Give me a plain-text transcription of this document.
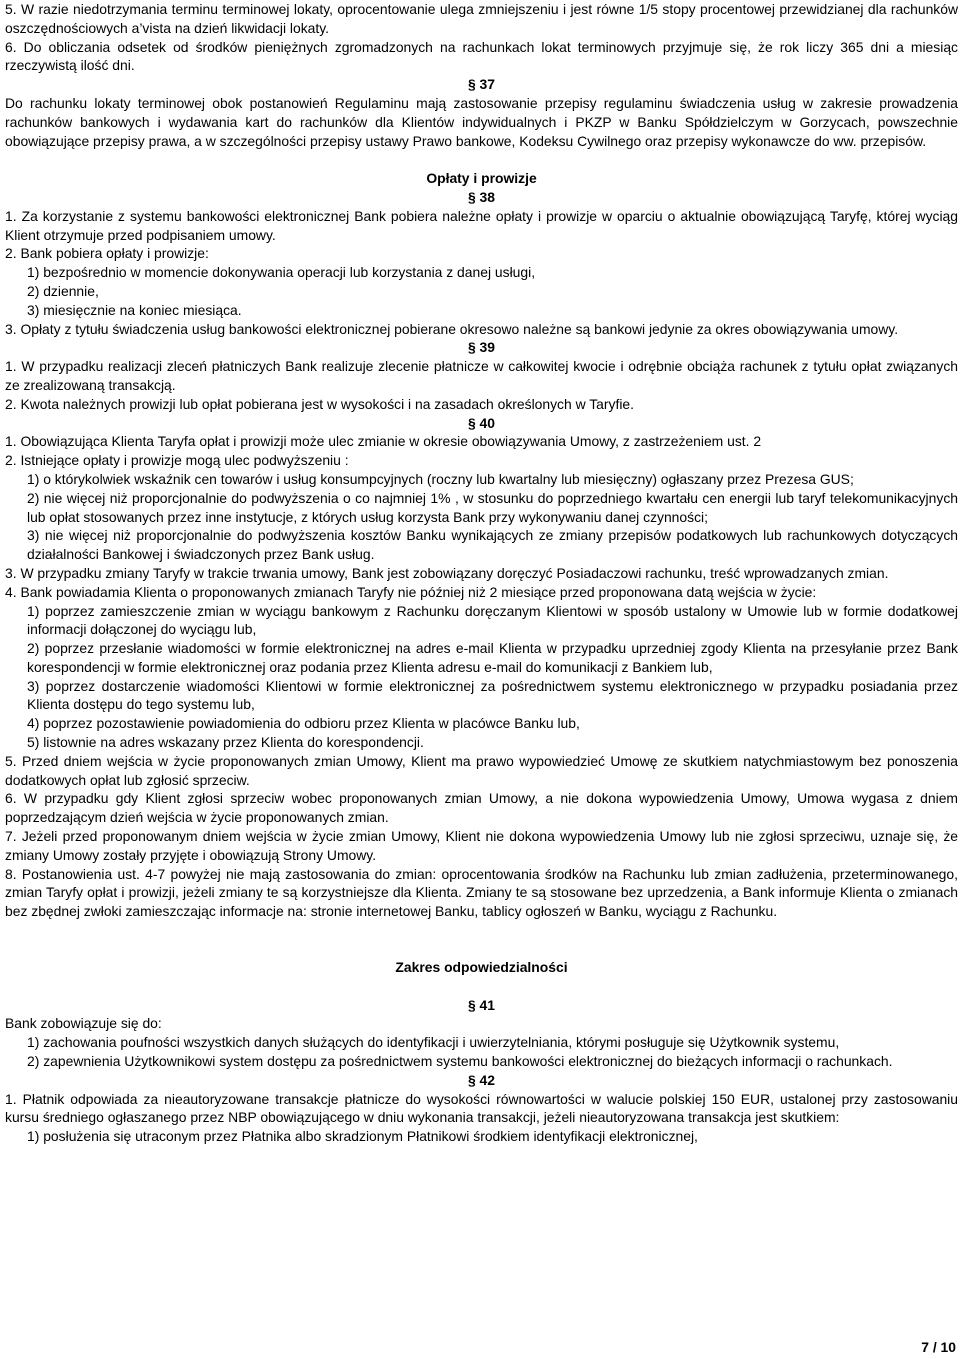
5. W razie niedotrzymania terminu terminowej lokaty, oprocentowanie ulega zmniejszeniu i jest równe 1/5 stopy procentowej przewidzianej dla rachunków oszczędnościowych a’vista na dzień likwidacji lokaty.
6. Do obliczania odsetek od środków pieniężnych zgromadzonych na rachunkach lokat terminowych przyjmuje się, że rok liczy 365 dni a miesiąc rzeczywistą ilość dni.
§ 37
Do rachunku lokaty terminowej obok postanowień Regulaminu mają zastosowanie przepisy regulaminu świadczenia usług w zakresie prowadzenia rachunków bankowych i wydawania kart do rachunków dla Klientów indywidualnych i PKZP w Banku Spółdzielczym w Gorzycach, powszechnie obowiązujące przepisy prawa, a w szczególności przepisy ustawy Prawo bankowe, Kodeksu Cywilnego oraz przepisy wykonawcze do ww. przepisów.
Opłaty i prowizje
§ 38
1. Za korzystanie z systemu bankowości elektronicznej Bank pobiera należne opłaty i prowizje w oparciu o aktualnie obowiązującą Taryfę, której wyciąg Klient otrzymuje przed podpisaniem umowy.
2. Bank pobiera opłaty i prowizje:
1) bezpośrednio w momencie dokonywania operacji lub korzystania z danej usługi,
2) dziennie,
3) miesięcznie na koniec miesiąca.
3. Opłaty z tytułu świadczenia usług bankowości elektronicznej pobierane okresowo należne są bankowi jedynie za okres obowiązywania umowy.
§ 39
1. W przypadku realizacji zleceń płatniczych Bank realizuje zlecenie płatnicze w całkowitej kwocie i odrębnie obciąża rachunek z tytułu opłat związanych ze zrealizowaną transakcją.
2. Kwota należnych prowizji lub opłat pobierana jest w wysokości i na zasadach określonych w Taryfie.
§ 40
1. Obowiązująca Klienta Taryfa opłat i prowizji może ulec zmianie w okresie obowiązywania Umowy, z zastrzeżeniem ust. 2
2. Istniejące opłaty i prowizje mogą ulec podwyższeniu :
1) o którykolwiek wskaźnik cen towarów i usług konsumpcyjnych (roczny lub kwartalny lub miesięczny) ogłaszany przez Prezesa GUS;
2) nie więcej niż proporcjonalnie do podwyższenia o co najmniej 1% , w stosunku do poprzedniego kwartału cen energii lub taryf telekomunikacyjnych lub opłat stosowanych przez inne instytucje, z których usług korzysta Bank przy wykonywaniu danej czynności;
3) nie więcej niż proporcjonalnie do podwyższenia kosztów Banku wynikających ze zmiany przepisów podatkowych lub rachunkowych dotyczących działalności Bankowej i świadczonych przez Bank usług.
3. W przypadku zmiany Taryfy w trakcie trwania umowy, Bank jest zobowiązany doręczyć Posiadaczowi rachunku, treść wprowadzanych zmian.
4. Bank powiadamia Klienta o proponowanych zmianach Taryfy nie później niż 2 miesiące przed proponowana datą wejścia w życie:
1) poprzez zamieszczenie zmian w wyciągu bankowym z Rachunku doręczanym Klientowi w sposób ustalony w Umowie lub w formie dodatkowej informacji dołączonej do wyciągu lub,
2) poprzez przesłanie wiadomości w formie elektronicznej na adres e-mail Klienta w przypadku uprzedniej zgody Klienta na przesyłanie przez Bank korespondencji w formie elektronicznej oraz podania przez Klienta adresu e-mail do komunikacji z Bankiem lub,
3) poprzez dostarczenie wiadomości Klientowi w formie elektronicznej za pośrednictwem systemu elektronicznego w przypadku posiadania przez Klienta dostępu do tego systemu lub,
4) poprzez pozostawienie powiadomienia do odbioru przez Klienta w placówce Banku lub,
5) listownie na adres wskazany przez Klienta do korespondencji.
5. Przed dniem wejścia w życie proponowanych zmian Umowy, Klient ma prawo wypowiedzieć Umowę ze skutkiem natychmiastowym bez ponoszenia dodatkowych opłat lub zgłosić sprzeciw.
6. W przypadku gdy Klient zgłosi sprzeciw wobec proponowanych zmian Umowy, a nie dokona wypowiedzenia Umowy, Umowa wygasa z dniem poprzedzającym dzień wejścia w życie proponowanych zmian.
7. Jeżeli przed proponowanym dniem wejścia w życie zmian Umowy, Klient nie dokona wypowiedzenia Umowy lub nie zgłosi sprzeciwu, uznaje się, że zmiany Umowy zostały przyjęte i obowiązują Strony Umowy.
8. Postanowienia ust. 4-7 powyżej nie mają zastosowania do zmian: oprocentowania środków na Rachunku lub zmian zadłużenia, przeterminowanego, zmian Taryfy opłat i prowizji, jeżeli zmiany te są korzystniejsze dla Klienta. Zmiany te są stosowane bez uprzedzenia, a Bank informuje Klienta o zmianach bez zbędnej zwłoki zamieszczając informacje na: stronie internetowej Banku, tablicy ogłoszeń w Banku, wyciągu z Rachunku.
Zakres odpowiedzialności
§ 41
Bank zobowiązuje się do:
1) zachowania poufności wszystkich danych służących do identyfikacji i uwierzytelniania, którymi posługuje się Użytkownik systemu,
2) zapewnienia Użytkownikowi system dostępu za pośrednictwem systemu bankowości elektronicznej do bieżących informacji o rachunkach.
§ 42
1. Płatnik odpowiada za nieautoryzowane transakcje płatnicze do wysokości równowartości w walucie polskiej 150 EUR, ustalonej przy zastosowaniu kursu średniego ogłaszanego przez NBP obowiązującego w dniu wykonania transakcji, jeżeli nieautoryzowana transakcja jest skutkiem:
1) posłużenia się utraconym przez Płatnika albo skradzionym Płatnikowi środkiem identyfikacji elektronicznej,
7 / 10
